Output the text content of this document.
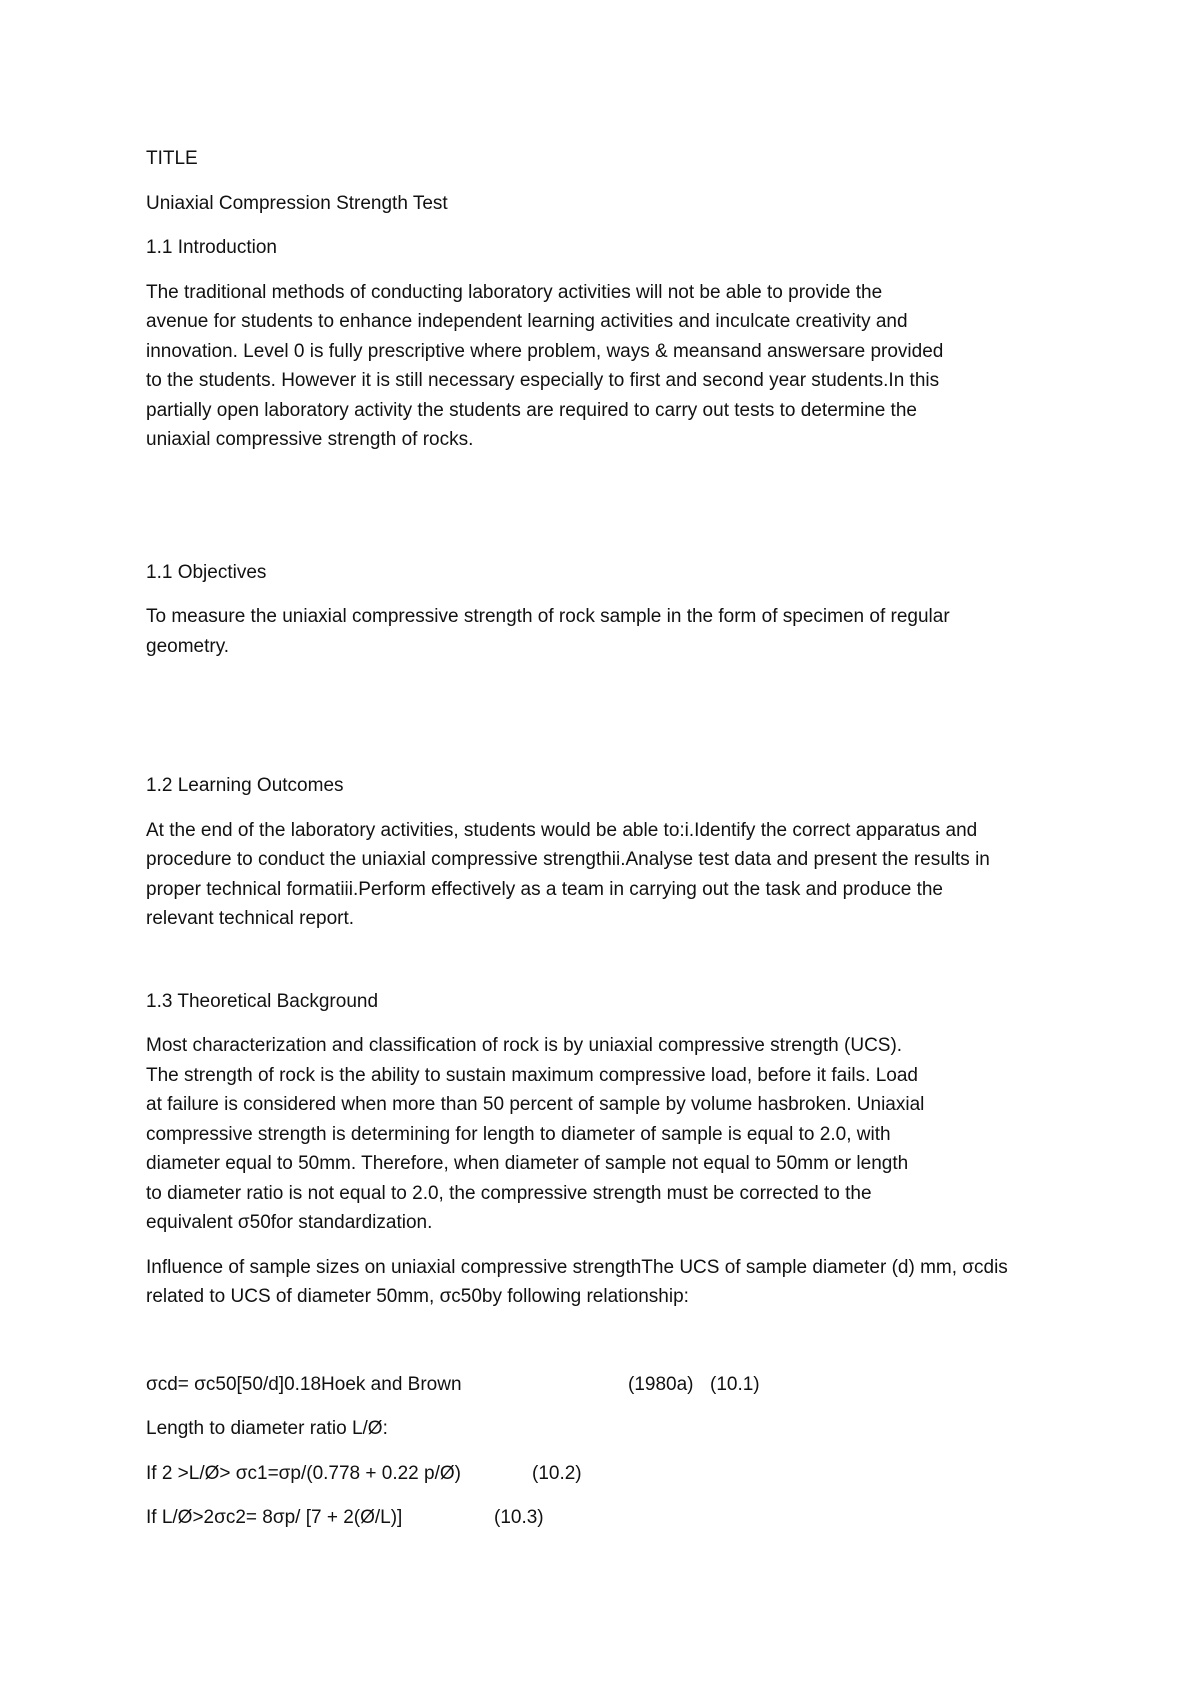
TITLE

Uniaxial Compression Strength Test

1.1 Introduction

The traditional methods of conducting laboratory activities will not be able to provide the

avenue for students to enhance independent learning activities and inculcate creativity and

innovation. Level 0 is fully prescriptive where problem, ways & meansand answersare provided

to the students. However it is still necessary especially to first and second year students.In this

partially open laboratory activity the students are required to carry out tests to determine the

uniaxial compressive strength of rocks.

1.1 Objectives

To measure the uniaxial compressive strength of rock sample in the form of specimen of regular

geometry.

1.2 Learning Outcomes

At the end of the laboratory activities, students would be able to:i.Identify the correct apparatus and

procedure to conduct the uniaxial compressive strengthii.Analyse test data and present the results in

proper technical formatiii.Perform effectively as a team in carrying out the task and produce the

relevant technical report.

1.3 Theoretical Background

Most characterization and classification of rock is by uniaxial compressive strength (UCS).

The strength of rock is the ability to sustain maximum compressive load, before it fails. Load

at failure is considered when more than 50 percent of sample by volume hasbroken. Uniaxial

compressive strength is determining for length to diameter of sample is equal to 2.0, with

diameter equal to 50mm. Therefore, when diameter of sample not equal to 50mm or length

to diameter ratio is not equal to 2.0, the compressive strength must be corrected to the

equivalent σ50for standardization.

Influence of sample sizes on uniaxial compressive strengthThe UCS of sample diameter (d) mm, σcdis

related to UCS of diameter 50mm, σc50by following relationship:

σcd= σc50[50/d]0.18Hoek and Brown	(1980a) (10.1)

Length to diameter ratio L/Ø:

If 2 >L/Ø> σc1=σp/(0.778 + 0.22 p/Ø)	(10.2)
If L/Ø>2σc2= 8σp/ [7 + 2(Ø/L)]	(10.3)
